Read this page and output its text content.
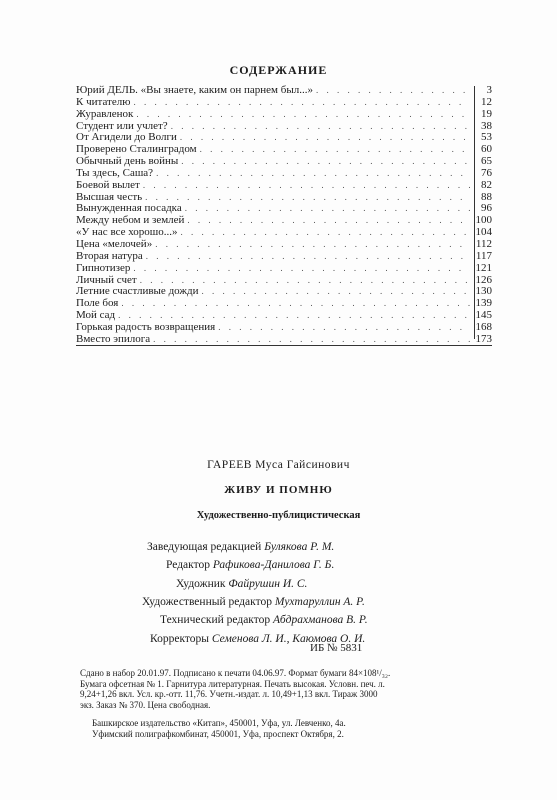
СОДЕРЖАНИЕ
Юрий ДЕЛЬ. «Вы знаете, каким он парнем был...» . . .	3
К читателю . . .	12
Журавленок . . .	19
Студент или учлет? . . .	38
От Агидели до Волги . . .	53
Проверено Сталинградом . . .	60
Обычный день войны . . .	65
Ты здесь, Саша? . . .	76
Боевой вылет . . .	82
Высшая честь . . .	88
Вынужденная посадка . . .	96
Между небом и землей . . .	100
«У нас все хорошо...» . . .	104
Цена «мелочей» . . .	112
Вторая натура . . .	117
Гипнотизер . . .	121
Личный счет . . .	126
Летние счастливые дожди . . .	130
Поле боя . . .	139
Мой сад . . .	145
Горькая радость возвращения . . .	168
Вместо эпилога . . .	173
ГАРЕЕВ Муса Гайсинович
ЖИВУ И ПОМНЮ
Художественно-публицистическая
Заведующая редакцией Булякова Р. М.
Редактор Рафикова-Данилова Г. Б.
Художник Файрушин И. С.
Художественный редактор Мухтаруллин А. Р.
Технический редактор Абдрахманова В. Р.
Корректоры Семенова Л. И., Каюмова О. И.
ИБ № 5831
Сдано в набор 20.01.97. Подписано к печати 04.06.97. Формат бумаги 84×108¹/₃₂.
Бумага офсетная № 1. Гарнитура литературная. Печать высокая. Условн. печ. л.
9,24+1,26 вкл. Усл. кр.-отт. 11,76. Учетн.-издат. л. 10,49+1,13 вкл. Тираж 3000
экз. Заказ № 370. Цена свободная.
Башкирское издательство «Китап», 450001, Уфа, ул. Левченко, 4а.
Уфимский полиграфкомбинат, 450001, Уфа, проспект Октября, 2.
